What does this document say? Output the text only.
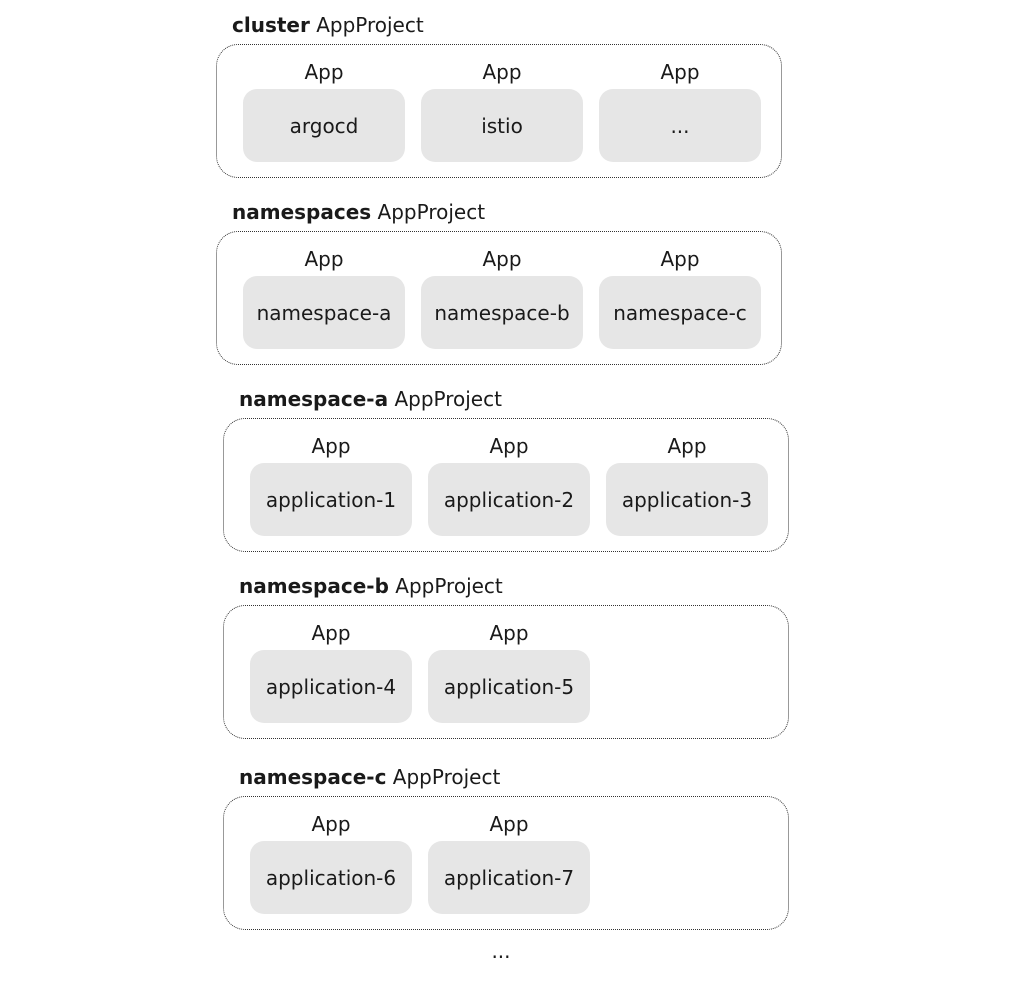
cluster AppProject
App
argocd
App
istio
App
...
namespaces AppProject
App
namespace-a
App
namespace-b
App
namespace-c
namespace-a AppProject
App
application-1
App
application-2
App
application-3
namespace-b AppProject
App
application-4
App
application-5
namespace-c AppProject
App
application-6
App
application-7
...
